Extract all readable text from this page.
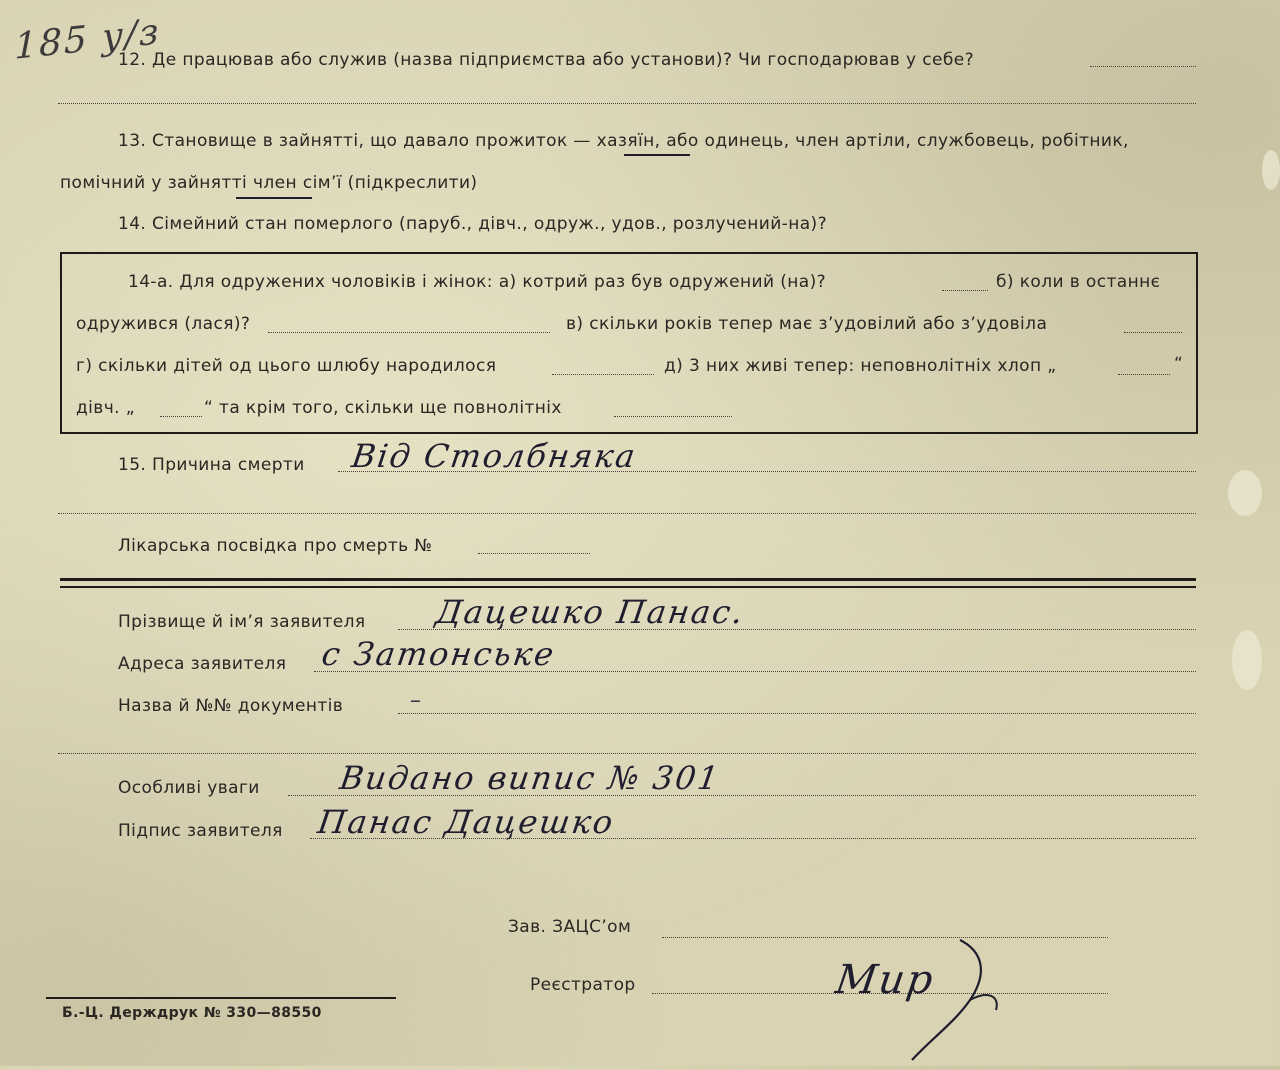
185 у/з
12. Де працював або служив (назва підприємства або установи)? Чи господарював у себе?
13. Становище в зайнятті, що давало прожиток — хазяїн, або одинець, член артіли, службовець, робітник,
помічний у зайнятті член сім’ї (підкреслити)
14. Сімейний стан померлого (паруб., дівч., одруж., удов., розлучений-на)?
14-а. Для одружених чоловіків і жінок: а) котрий раз був одружений (на)?	б) коли в останнє
одружився (лася)?	в) скільки років тепер має з’удовілий або з’удовіла
г) скільки дітей од цього шлюбу народилося	д) 3 них живі тепер: неповнолітніх хлоп „	“
дівч. „	“ та крім того, скільки ще повнолітніх
15. Причина смерти Від Столбняка
Лікарська посвідка про смерть №
Прізвище й ім’я заявителя Дацешко Панас.
Адреса заявителя с Затонське
Назва й №№ документів	–
Особливі уваги Видано випис № 301
Підпис заявителя Панас Дацешко
Зав. ЗАЦС’ом
Реєстратор	Мир
Б.-Ц. Держдрук № 330—88550
